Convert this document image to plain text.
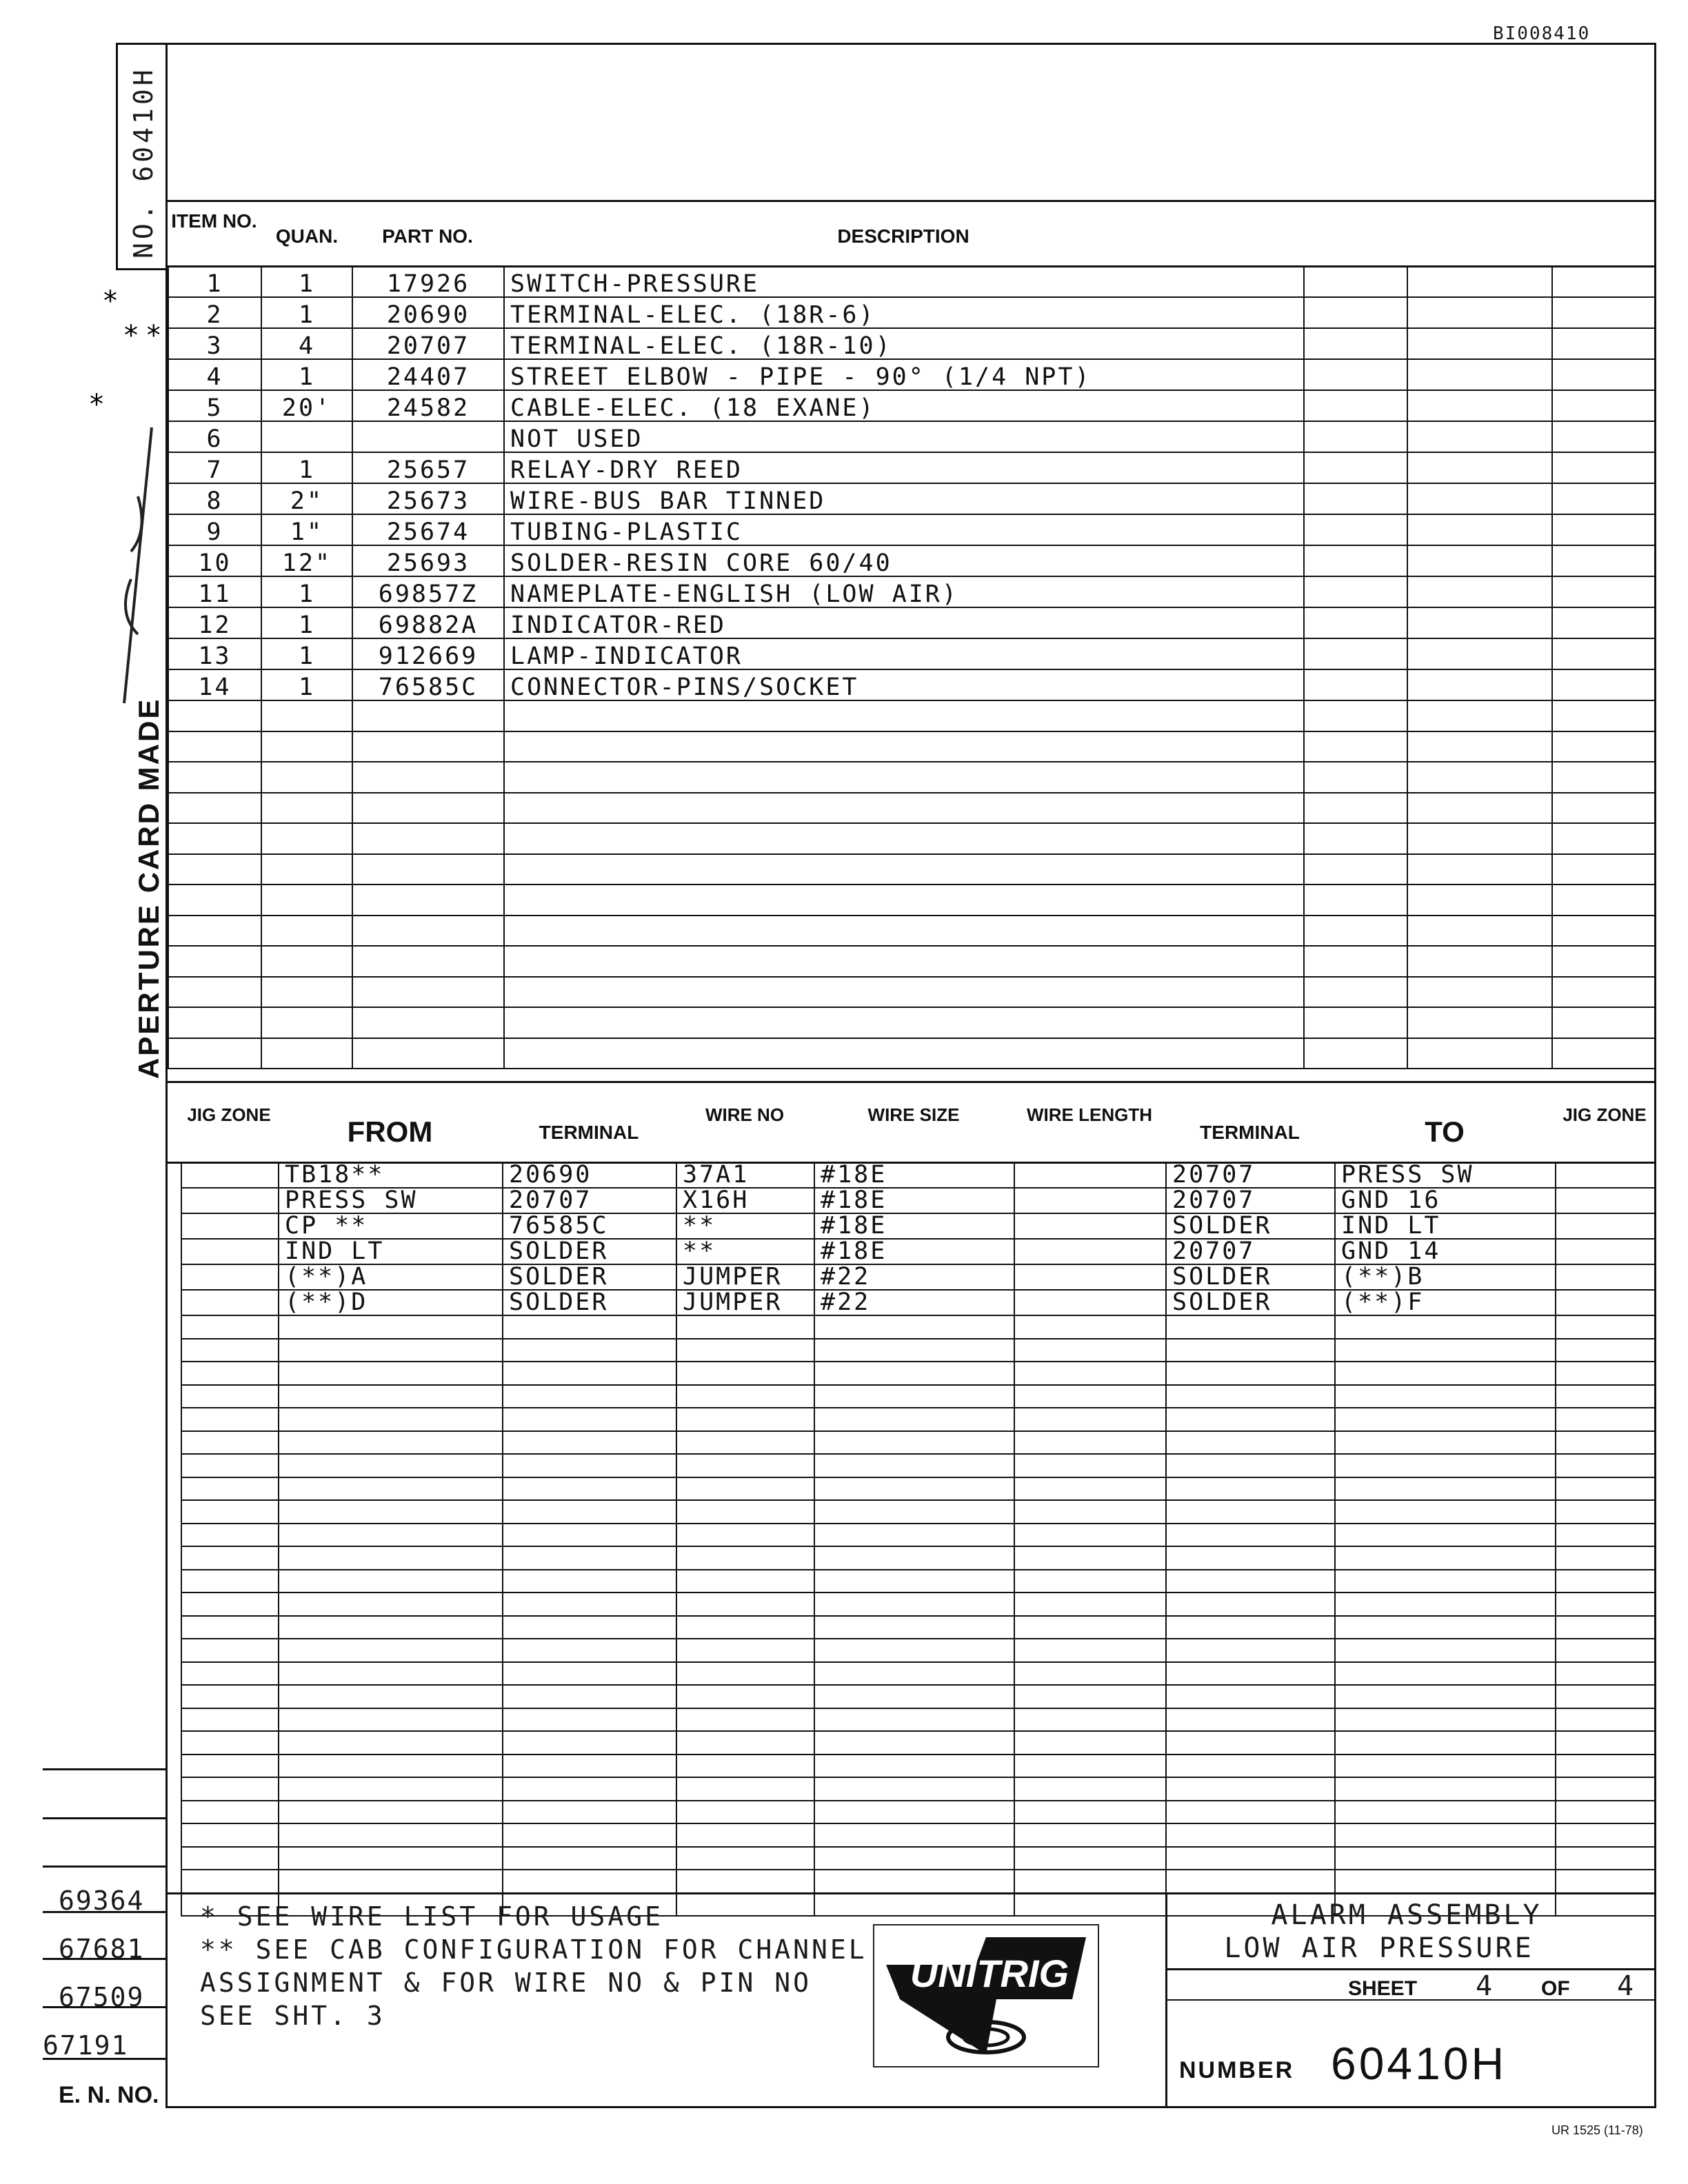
BI008410
NO. 60410H
APERTURE CARD MADE
*
* *
*
ITEM NO.
QUAN.	PART NO.	DESCRIPTION
1	1	17926	SWITCH-PRESSURE			
2	1	20690	TERMINAL-ELEC. (18R-6)			
3	4	20707	TERMINAL-ELEC. (18R-10)			
4	1	24407	STREET ELBOW - PIPE - 90° (1/4 NPT)			
5	20'	24582	CABLE-ELEC. (18 EXANE)			
6			NOT USED			
7	1	25657	RELAY-DRY REED			
8	2"	25673	WIRE-BUS BAR TINNED			
9	1"	25674	TUBING-PLASTIC			
10	12"	25693	SOLDER-RESIN CORE 60/40			
11	1	69857Z	NAMEPLATE-ENGLISH (LOW AIR)			
12	1	69882A	INDICATOR-RED			
13	1	912669	LAMP-INDICATOR			
14	1	76585C	CONNECTOR-PINS/SOCKET			

JIG ZONE
FROM	TERMINAL
WIRE NO	WIRE SIZE	WIRE LENGTH
TERMINAL	TO
JIG ZONE
	TB18**	20690	37A1	#18E		20707	PRESS SW	
	PRESS SW	20707	X16H	#18E		20707	GND 16	
	CP **	76585C	**	#18E		SOLDER	IND LT	
	IND LT	SOLDER	**	#18E		20707	GND 14	
	(**)A	SOLDER	JUMPER	#22		SOLDER	(**)B	
	(**)D	SOLDER	JUMPER	#22		SOLDER	(**)F	

* SEE WIRE LIST FOR USAGE
** SEE CAB CONFIGURATION FOR CHANNEL
ASSIGNMENT & FOR WIRE NO & PIN NO
SEE SHT. 3
UNITRIG
ALARM ASSEMBLY
LOW AIR PRESSURE
SHEET 4 OF 4
NUMBER 60410H
69364
67681
67509
67191
E. N. NO.
UR 1525 (11-78)
